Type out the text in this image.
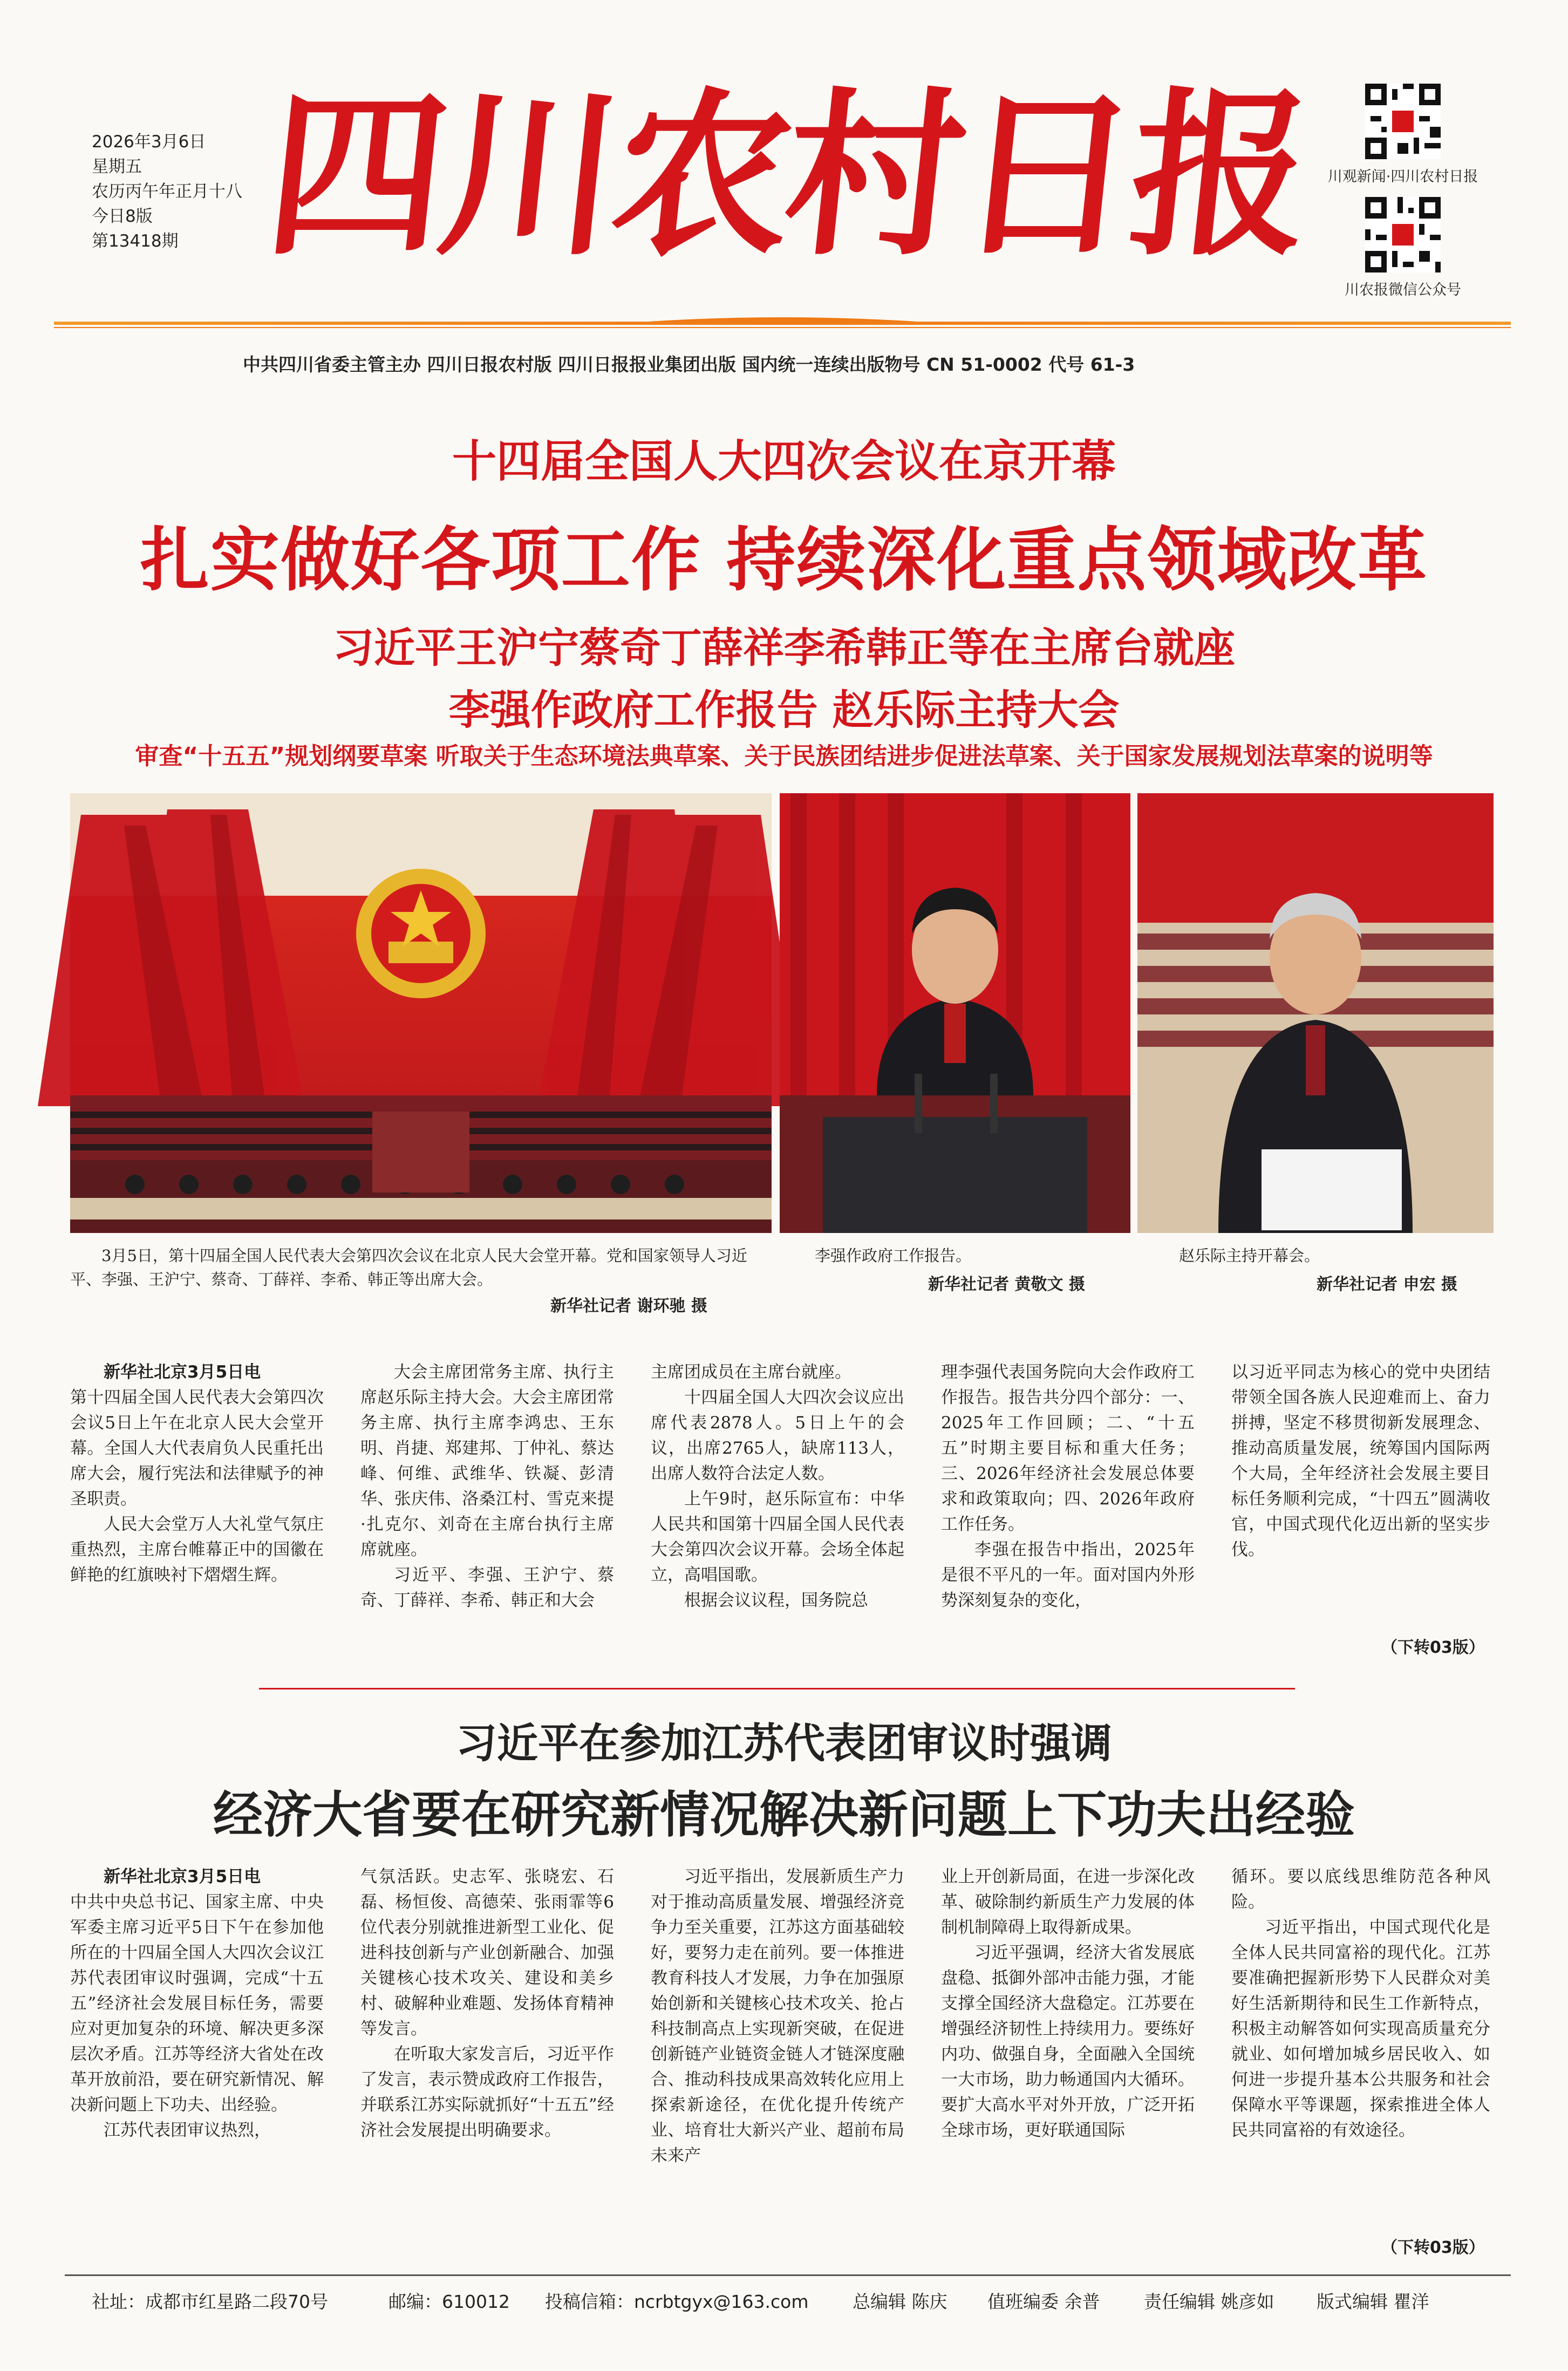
2026年3月6日
星期五
农历丙午年正月十八
今日8版
第13418期 四川农村日报 川观新闻·四川农村日报
川农报微信公众号
中共四川省委主管主办 四川日报农村版 四川日报报业集团出版 国内统一连续出版物号 CN 51-0002 代号 61-3
十四届全国人大四次会议在京开幕
扎实做好各项工作 持续深化重点领域改革
习近平王沪宁蔡奇丁薛祥李希韩正等在主席台就座
李强作政府工作报告 赵乐际主持大会
审查“十五五”规划纲要草案 听取关于生态环境法典草案、关于民族团结进步促进法草案、关于国家发展规划法草案的说明等
3月5日，第十四届全国人民代表大会第四次会议在北京人民大会堂开幕。党和国家领导人习近平、李强、王沪宁、蔡奇、丁薛祥、李希、韩正等出席大会。
新华社记者 谢环驰 摄
李强作政府工作报告。
新华社记者 黄敬文 摄
赵乐际主持开幕会。
新华社记者 申宏 摄

新华社北京3月5日电

第十四届全国人民代表大会第四次会议5日上午在北京人民大会堂开幕。全国人大代表肩负人民重托出席大会，履行宪法和法律赋予的神圣职责。

人民大会堂万人大礼堂气氛庄重热烈，主席台帷幕正中的国徽在鲜艳的红旗映衬下熠熠生辉。

大会主席团常务主席、执行主席赵乐际主持大会。大会主席团常务主席、执行主席李鸿忠、王东明、肖捷、郑建邦、丁仲礼、蔡达峰、何维、武维华、铁凝、彭清华、张庆伟、洛桑江村、雪克来提·扎克尔、刘奇在主席台执行主席席就座。

习近平、李强、王沪宁、蔡奇、丁薛祥、李希、韩正和大会

主席团成员在主席台就座。

十四届全国人大四次会议应出席代表2878人。5日上午的会议，出席2765人，缺席113人，出席人数符合法定人数。

上午9时，赵乐际宣布：中华人民共和国第十四届全国人民代表大会第四次会议开幕。会场全体起立，高唱国歌。

根据会议议程，国务院总

理李强代表国务院向大会作政府工作报告。报告共分四个部分：一、2025年工作回顾；二、“十五五”时期主要目标和重大任务；三、2026年经济社会发展总体要求和政策取向；四、2026年政府工作任务。

李强在报告中指出，2025年是很不平凡的一年。面对国内外形势深刻复杂的变化，

以习近平同志为核心的党中央团结带领全国各族人民迎难而上、奋力拼搏，坚定不移贯彻新发展理念、推动高质量发展，统筹国内国际两个大局，全年经济社会发展主要目标任务顺利完成，“十四五”圆满收官，中国式现代化迈出新的坚实步伐。

（下转03版）
习近平在参加江苏代表团审议时强调
经济大省要在研究新情况解决新问题上下功夫出经验

新华社北京3月5日电

中共中央总书记、国家主席、中央军委主席习近平5日下午在参加他所在的十四届全国人大四次会议江苏代表团审议时强调，完成“十五五”经济社会发展目标任务，需要应对更加复杂的环境、解决更多深层次矛盾。江苏等经济大省处在改革开放前沿，要在研究新情况、解决新问题上下功夫、出经验。

江苏代表团审议热烈，

气氛活跃。史志军、张晓宏、石磊、杨恒俊、高德荣、张雨霏等6位代表分别就推进新型工业化、促进科技创新与产业创新融合、加强关键核心技术攻关、建设和美乡村、破解种业难题、发扬体育精神等发言。

在听取大家发言后，习近平作了发言，表示赞成政府工作报告，并联系江苏实际就抓好“十五五”经济社会发展提出明确要求。

习近平指出，发展新质生产力对于推动高质量发展、增强经济竞争力至关重要，江苏这方面基础较好，要努力走在前列。要一体推进教育科技人才发展，力争在加强原始创新和关键核心技术攻关、抢占科技制高点上实现新突破，在促进创新链产业链资金链人才链深度融合、推动科技成果高效转化应用上探索新途径，在优化提升传统产业、培育壮大新兴产业、超前布局未来产

业上开创新局面，在进一步深化改革、破除制约新质生产力发展的体制机制障碍上取得新成果。

习近平强调，经济大省发展底盘稳、抵御外部冲击能力强，才能支撑全国经济大盘稳定。江苏要在增强经济韧性上持续用力。要练好内功、做强自身，全面融入全国统一大市场，助力畅通国内大循环。要扩大高水平对外开放，广泛开拓全球市场，更好联通国际

循环。要以底线思维防范各种风险。

习近平指出，中国式现代化是全体人民共同富裕的现代化。江苏要准确把握新形势下人民群众对美好生活新期待和民生工作新特点，积极主动解答如何实现高质量充分就业、如何增加城乡居民收入、如何进一步提升基本公共服务和社会保障水平等课题，探索推进全体人民共同富裕的有效途径。

（下转03版）
社址：成都市红星路二段70号	邮编：610012 投稿信箱：ncrbtgyx@163.com 总编辑 陈庆 值班编委 余普 责任编辑 姚彦如 版式编辑 瞿洋
